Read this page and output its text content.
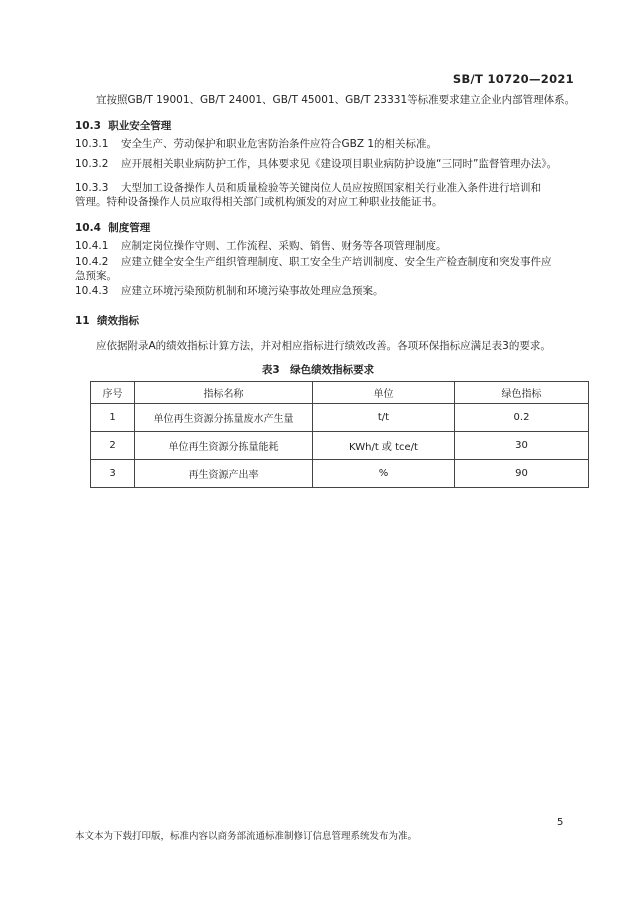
SB/T 10720—2021
宜按照GB/T 19001、GB/T 24001、GB/T 45001、GB/T 23331等标准要求建立企业内部管理体系。
10.3 职业安全管理
10.3.1 安全生产、劳动保护和职业危害防治条件应符合GBZ 1的相关标准。
10.3.2 应开展相关职业病防护工作，具体要求见《建设项目职业病防护设施“三同时”监督管理办法》。
10.3.3 大型加工设备操作人员和质量检验等关键岗位人员应按照国家相关行业准入条件进行培训和
管理。特种设备操作人员应取得相关部门或机构颁发的对应工种职业技能证书。
10.4 制度管理
10.4.1 应制定岗位操作守则、工作流程、采购、销售、财务等各项管理制度。
10.4.2 应建立健全安全生产组织管理制度、职工安全生产培训制度、安全生产检查制度和突发事件应
急预案。
10.4.3 应建立环境污染预防机制和环境污染事故处理应急预案。
11 绩效指标
应依据附录A的绩效指标计算方法，并对相应指标进行绩效改善。各项环保指标应满足表3的要求。
表3　绿色绩效指标要求
序号	指标名称	单位	绿色指标
1	单位再生资源分拣量废水产生量	t/t	0.2
2	单位再生资源分拣量能耗	KWh/t 或 tce/t	30
3	再生资源产出率	%	90
5
本文本为下载打印版，标准内容以商务部流通标准制修订信息管理系统发布为准。
